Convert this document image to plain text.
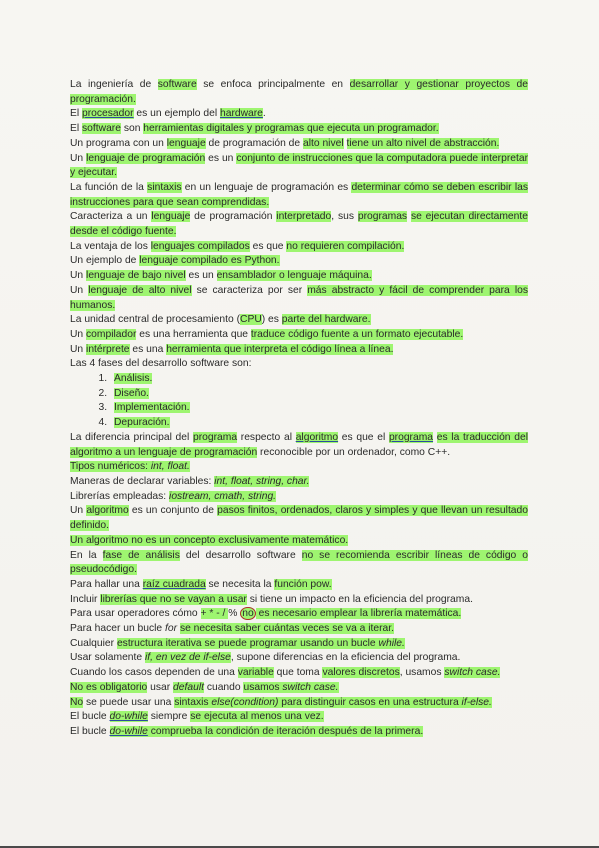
La ingeniería de software se enfoca principalmente en desarrollar y gestionar proyectos de programación.

El procesador es un ejemplo del hardware.

El software son herramientas digitales y programas que ejecuta un programador.

Un programa con un lenguaje de programación de alto nivel tiene un alto nivel de abstracción.

Un lenguaje de programación es un conjunto de instrucciones que la computadora puede interpretar y ejecutar.

La función de la sintaxis en un lenguaje de programación es determinar cómo se deben escribir las instrucciones para que sean comprendidas.

Caracteriza a un lenguaje de programación interpretado, sus programas se ejecutan directamente desde el código fuente.

La ventaja de los lenguajes compilados es que no requieren compilación.

Un ejemplo de lenguaje compilado es Python.

Un lenguaje de bajo nivel es un ensamblador o lenguaje máquina.

Un lenguaje de alto nivel se caracteriza por ser más abstracto y fácil de comprender para los humanos.

La unidad central de procesamiento (CPU) es parte del hardware.

Un compilador es una herramienta que traduce código fuente a un formato ejecutable.

Un intérprete es una herramienta que interpreta el código línea a línea.

Las 4 fases del desarrollo software son:

1. Análisis.
2. Diseño.
3. Implementación.
4. Depuración.

La diferencia principal del programa respecto al algoritmo es que el programa es la traducción del algoritmo a un lenguaje de programación reconocible por un ordenador, como C++.

Tipos numéricos: int, float.

Maneras de declarar variables: int, float, string, char.

Librerías empleadas: iostream, cmath, string.

Un algoritmo es un conjunto de pasos finitos, ordenados, claros y simples y que llevan un resultado definido.

Un algoritmo no es un concepto exclusivamente matemático.

En la fase de análisis del desarrollo software no se recomienda escribir líneas de código o pseudocódigo.

Para hallar una raíz cuadrada se necesita la función pow.

Incluir librerías que no se vayan a usar si tiene un impacto en la eficiencia del programa.

Para usar operadores cómo + * - / % no es necesario emplear la librería matemática.

Para hacer un bucle for se necesita saber cuántas veces se va a iterar.

Cualquier estructura iterativa se puede programar usando un bucle while.

Usar solamente if, en vez de if-else, supone diferencias en la eficiencia del programa.

Cuando los casos dependen de una variable que toma valores discretos, usamos switch case.

No es obligatorio usar default cuando usamos switch case.

No se puede usar una sintaxis else(condition) para distinguir casos en una estructura if-else.

El bucle do-while siempre se ejecuta al menos una vez.

El bucle do-while comprueba la condición de iteración después de la primera.
